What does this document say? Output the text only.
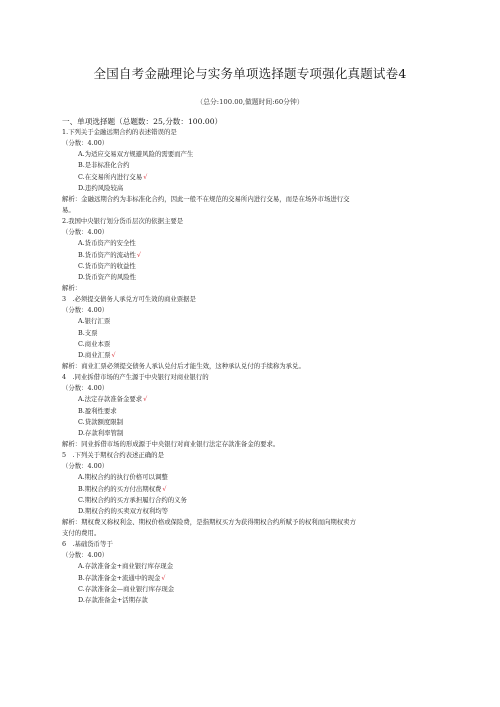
全国自考金融理论与实务单项选择题专项强化真题试卷4
（总分:100.00,做题时间:60分钟）
一、单项选择题（总题数：25,分数：100.00）
1.下列关于金融远期合约的表述错误的是
（分数：4.00）
A.为适应交易双方规避风险的需要而产生
B.是非标准化合约
C.在交易所内进行交易√
D.违约风险较高
解析：金融远期合约为非标准化合约，因此一般不在规范的交易所内进行交易，而是在场外市场进行交
易。
2.我国中央银行划分货币层次的依据主要是
（分数：4.00）
A.货币资产的安全性
B.货币资产的流动性√
C.货币资产的收益性
D.货币资产的风险性
解析：
3　.必须提交债务人承兑方可生效的商业票据是
（分数：4.00）
A.银行汇票
B.支票
C.商业本票
D.商业汇票√
解析：商业汇票必须提交债务人承认兑付后才能生效，这种承认兑付的手续称为承兑。
4　.同业拆借市场的产生源于中央银行对商业银行的
（分数：4.00）
A.法定存款准备金要求√
B.盈利性要求
C.贷款额度限制
D.存款利率管制
解析：同业拆借市场的形成源于中央银行对商业银行法定存款准备金的要求。
5　.下列关于期权合约表述正确的是
（分数：4.00）
A.期权合约的执行价格可以调整
B.期权合约的买方付出期权费√
C.期权合约的买方承担履行合约的义务
D.期权合约的买卖双方权利均等
解析：期权费又称权利金、期权价格或保险费，是指期权买方为获得期权合约所赋予的权利而向期权卖方
支付的费用。
6　.基础货币等于
（分数：4.00）
A.存款准备金+商业银行库存现金
B.存款准备金+流通中的现金√
C.存款准备金—商业银行库存现金
D.存款准备金+活期存款
